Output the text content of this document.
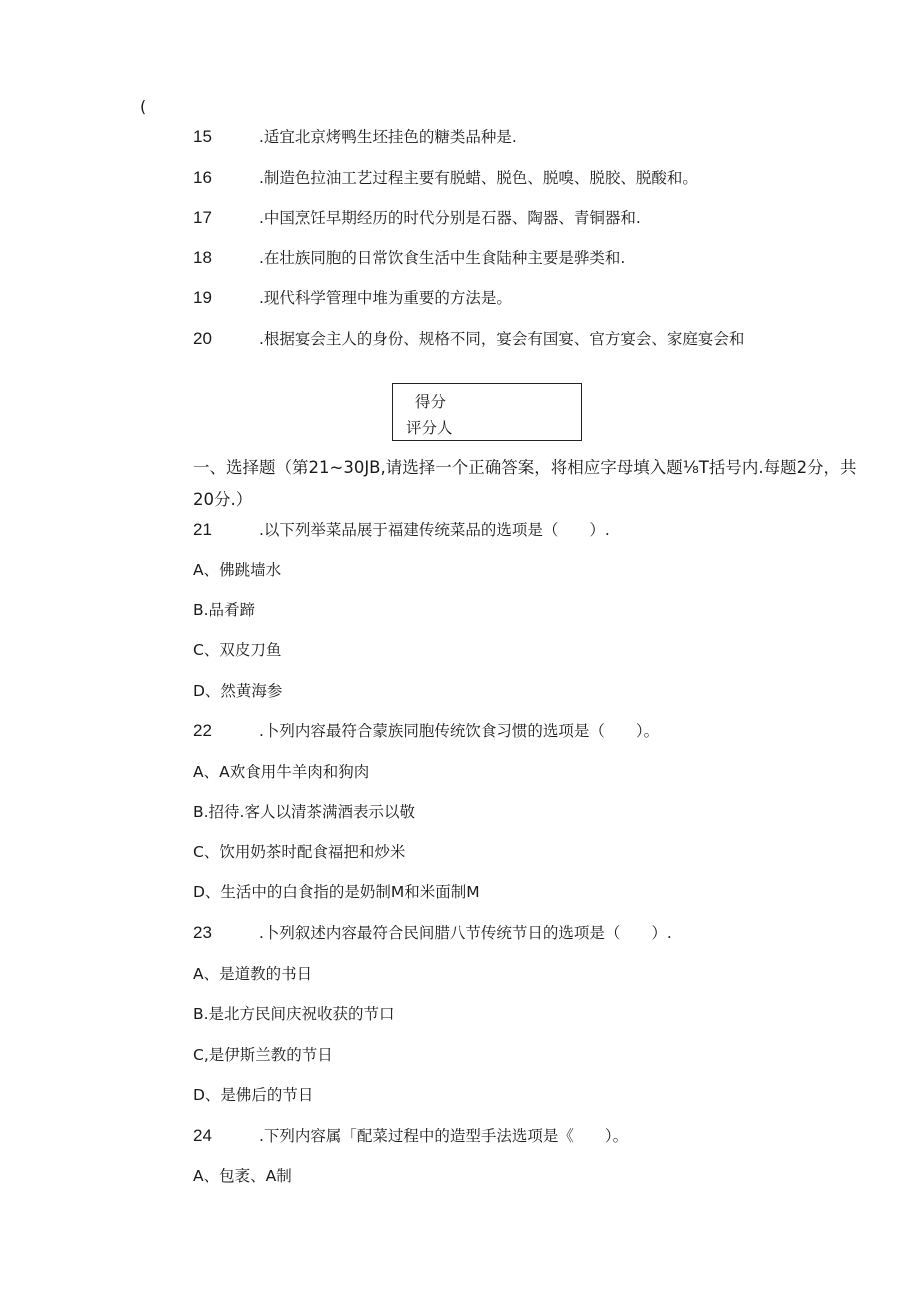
(
15	.适宜北京烤鸭生坯挂色的糖类品种是.
16	.制造色拉油工艺过程主要有脱蜡、脱色、脱嗅、脱胶、脱酸和。
17	.中国烹饪早期经历的时代分别是石器、陶器、青铜器和.
18	.在壮族同胞的日常饮食生活中生食陆种主要是骅类和.
19	.现代科学管理中堆为重要的方法是。
20	.根据宴会主人的身份、规格不同，宴会有国宴、官方宴会、家庭宴会和
得分
评分人
一、选择题（第21~30JB,请选择一个正确答案，将相应字母填入题⅛T括号内.每题2分，共20分.）
21	.以下列举菜品展于福建传统菜品的选项是（　　）.
A、佛跳墙水
B.品肴蹄
C、双皮刀鱼
D、然黄海参
22	.卜列内容最符合蒙族同胞传统饮食习惯的选项是（　　）。
A、A欢食用牛羊肉和狗肉
B.招待.客人以清茶满酒表示以敬
C、饮用奶茶时配食福把和炒米
D、生活中的白食指的是奶制M和米面制M
23	.卜列叙述内容最符合民间腊八节传统节日的选项是（　　）.
A、是道教的书日
B.是北方民间庆祝收获的节口
C,是伊斯兰教的节日
D、是佛后的节日
24	.下列内容属「配菜过程中的造型手法选项是《　　）。
A、包袤、A制
